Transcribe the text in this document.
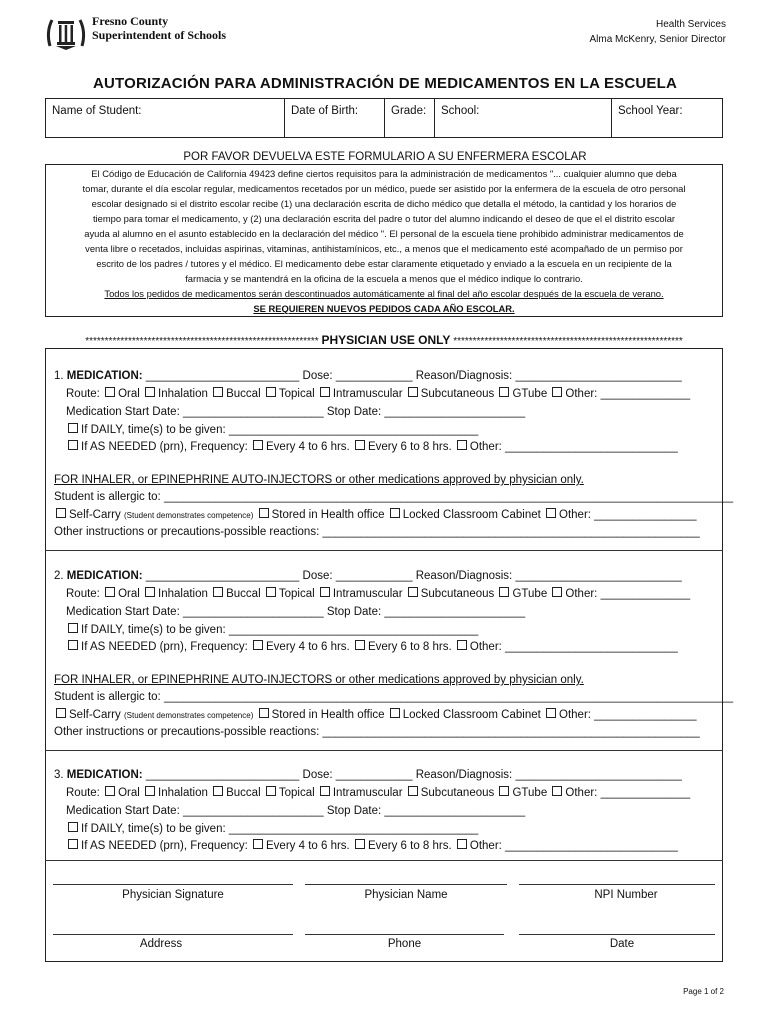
Fresno County
Superintendent of Schools
Health Services
Alma McKenry, Senior Director
AUTORIZACIÓN PARA ADMINISTRACIÓN DE MEDICAMENTOS EN LA ESCUELA
Name of Student:	Date of Birth:	Grade:	School:	School Year:
POR FAVOR DEVUELVA ESTE FORMULARIO A SU ENFERMERA ESCOLAR
El Código de Educación de California 49423 define ciertos requisitos para la administración de medicamentos "... cualquier alumno que deba
tomar, durante el día escolar regular, medicamentos recetados por un médico, puede ser asistido por la enfermera de la escuela de otro personal
escolar designado si el distrito escolar recibe (1) una declaración escrita de dicho médico que detalla el método, la cantidad y los horarios de
tiempo para tomar el medicamento, y (2) una declaración escrita del padre o tutor del alumno indicando el deseo de que el el distrito escolar
ayuda al alumno en el asunto establecido en la declaración del médico ". El personal de la escuela tiene prohibido administrar medicamentos de
venta libre o recetados, incluidas aspirinas, vitaminas, antihistamínicos, etc., a menos que el medicamento esté acompañado de un permiso por
escrito de los padres / tutores y el médico. El medicamento debe estar claramente etiquetado y enviado a la escuela en un recipiente de la
farmacia y se mantendrá en la oficina de la escuela a menos que el médico indique lo contrario.
Todos los pedidos de medicamentos serán descontinuados automáticamente al final del año escolar después de la escuela de verano.
SE REQUIEREN NUEVOS PEDIDOS CADA AÑO ESCOLAR.
************************************************************ PHYSICIAN USE ONLY ***********************************************************
1. MEDICATION: ________________________ Dose: ____________ Reason/Diagnosis: __________________________
Route: Oral Inhalation Buccal Topical Intramuscular Subcutaneous GTube Other: ______________
Medication Start Date: ______________________ Stop Date: ______________________
If DAILY, time(s) to be given: _______________________________________
If AS NEEDED (prn), Frequency: Every 4 to 6 hrs. Every 6 to 8 hrs. Other: ___________________________
FOR INHALER, or EPINEPHRINE AUTO-INJECTORS or other medications approved by physician only.
Student is allergic to: _________________________________________________________________________________________
Self-Carry (Student demonstrates competence) Stored in Health office Locked Classroom Cabinet Other: ________________
Other instructions or precautions-possible reactions: ___________________________________________________________
2. MEDICATION: ________________________ Dose: ____________ Reason/Diagnosis: __________________________
Route: Oral Inhalation Buccal Topical Intramuscular Subcutaneous GTube Other: ______________
Medication Start Date: ______________________ Stop Date: ______________________
If DAILY, time(s) to be given: _______________________________________
If AS NEEDED (prn), Frequency: Every 4 to 6 hrs. Every 6 to 8 hrs. Other: ___________________________
FOR INHALER, or EPINEPHRINE AUTO-INJECTORS or other medications approved by physician only.
Student is allergic to: _________________________________________________________________________________________
Self-Carry (Student demonstrates competence) Stored in Health office Locked Classroom Cabinet Other: ________________
Other instructions or precautions-possible reactions: ___________________________________________________________
3. MEDICATION: ________________________ Dose: ____________ Reason/Diagnosis: __________________________
Route: Oral Inhalation Buccal Topical Intramuscular Subcutaneous GTube Other: ______________
Medication Start Date: ______________________ Stop Date: ______________________
If DAILY, time(s) to be given: _______________________________________
If AS NEEDED (prn), Frequency: Every 4 to 6 hrs. Every 6 to 8 hrs. Other: ___________________________
Physician Signature	Physician Name	NPI Number
Address	Phone	Date
Page 1 of 2
